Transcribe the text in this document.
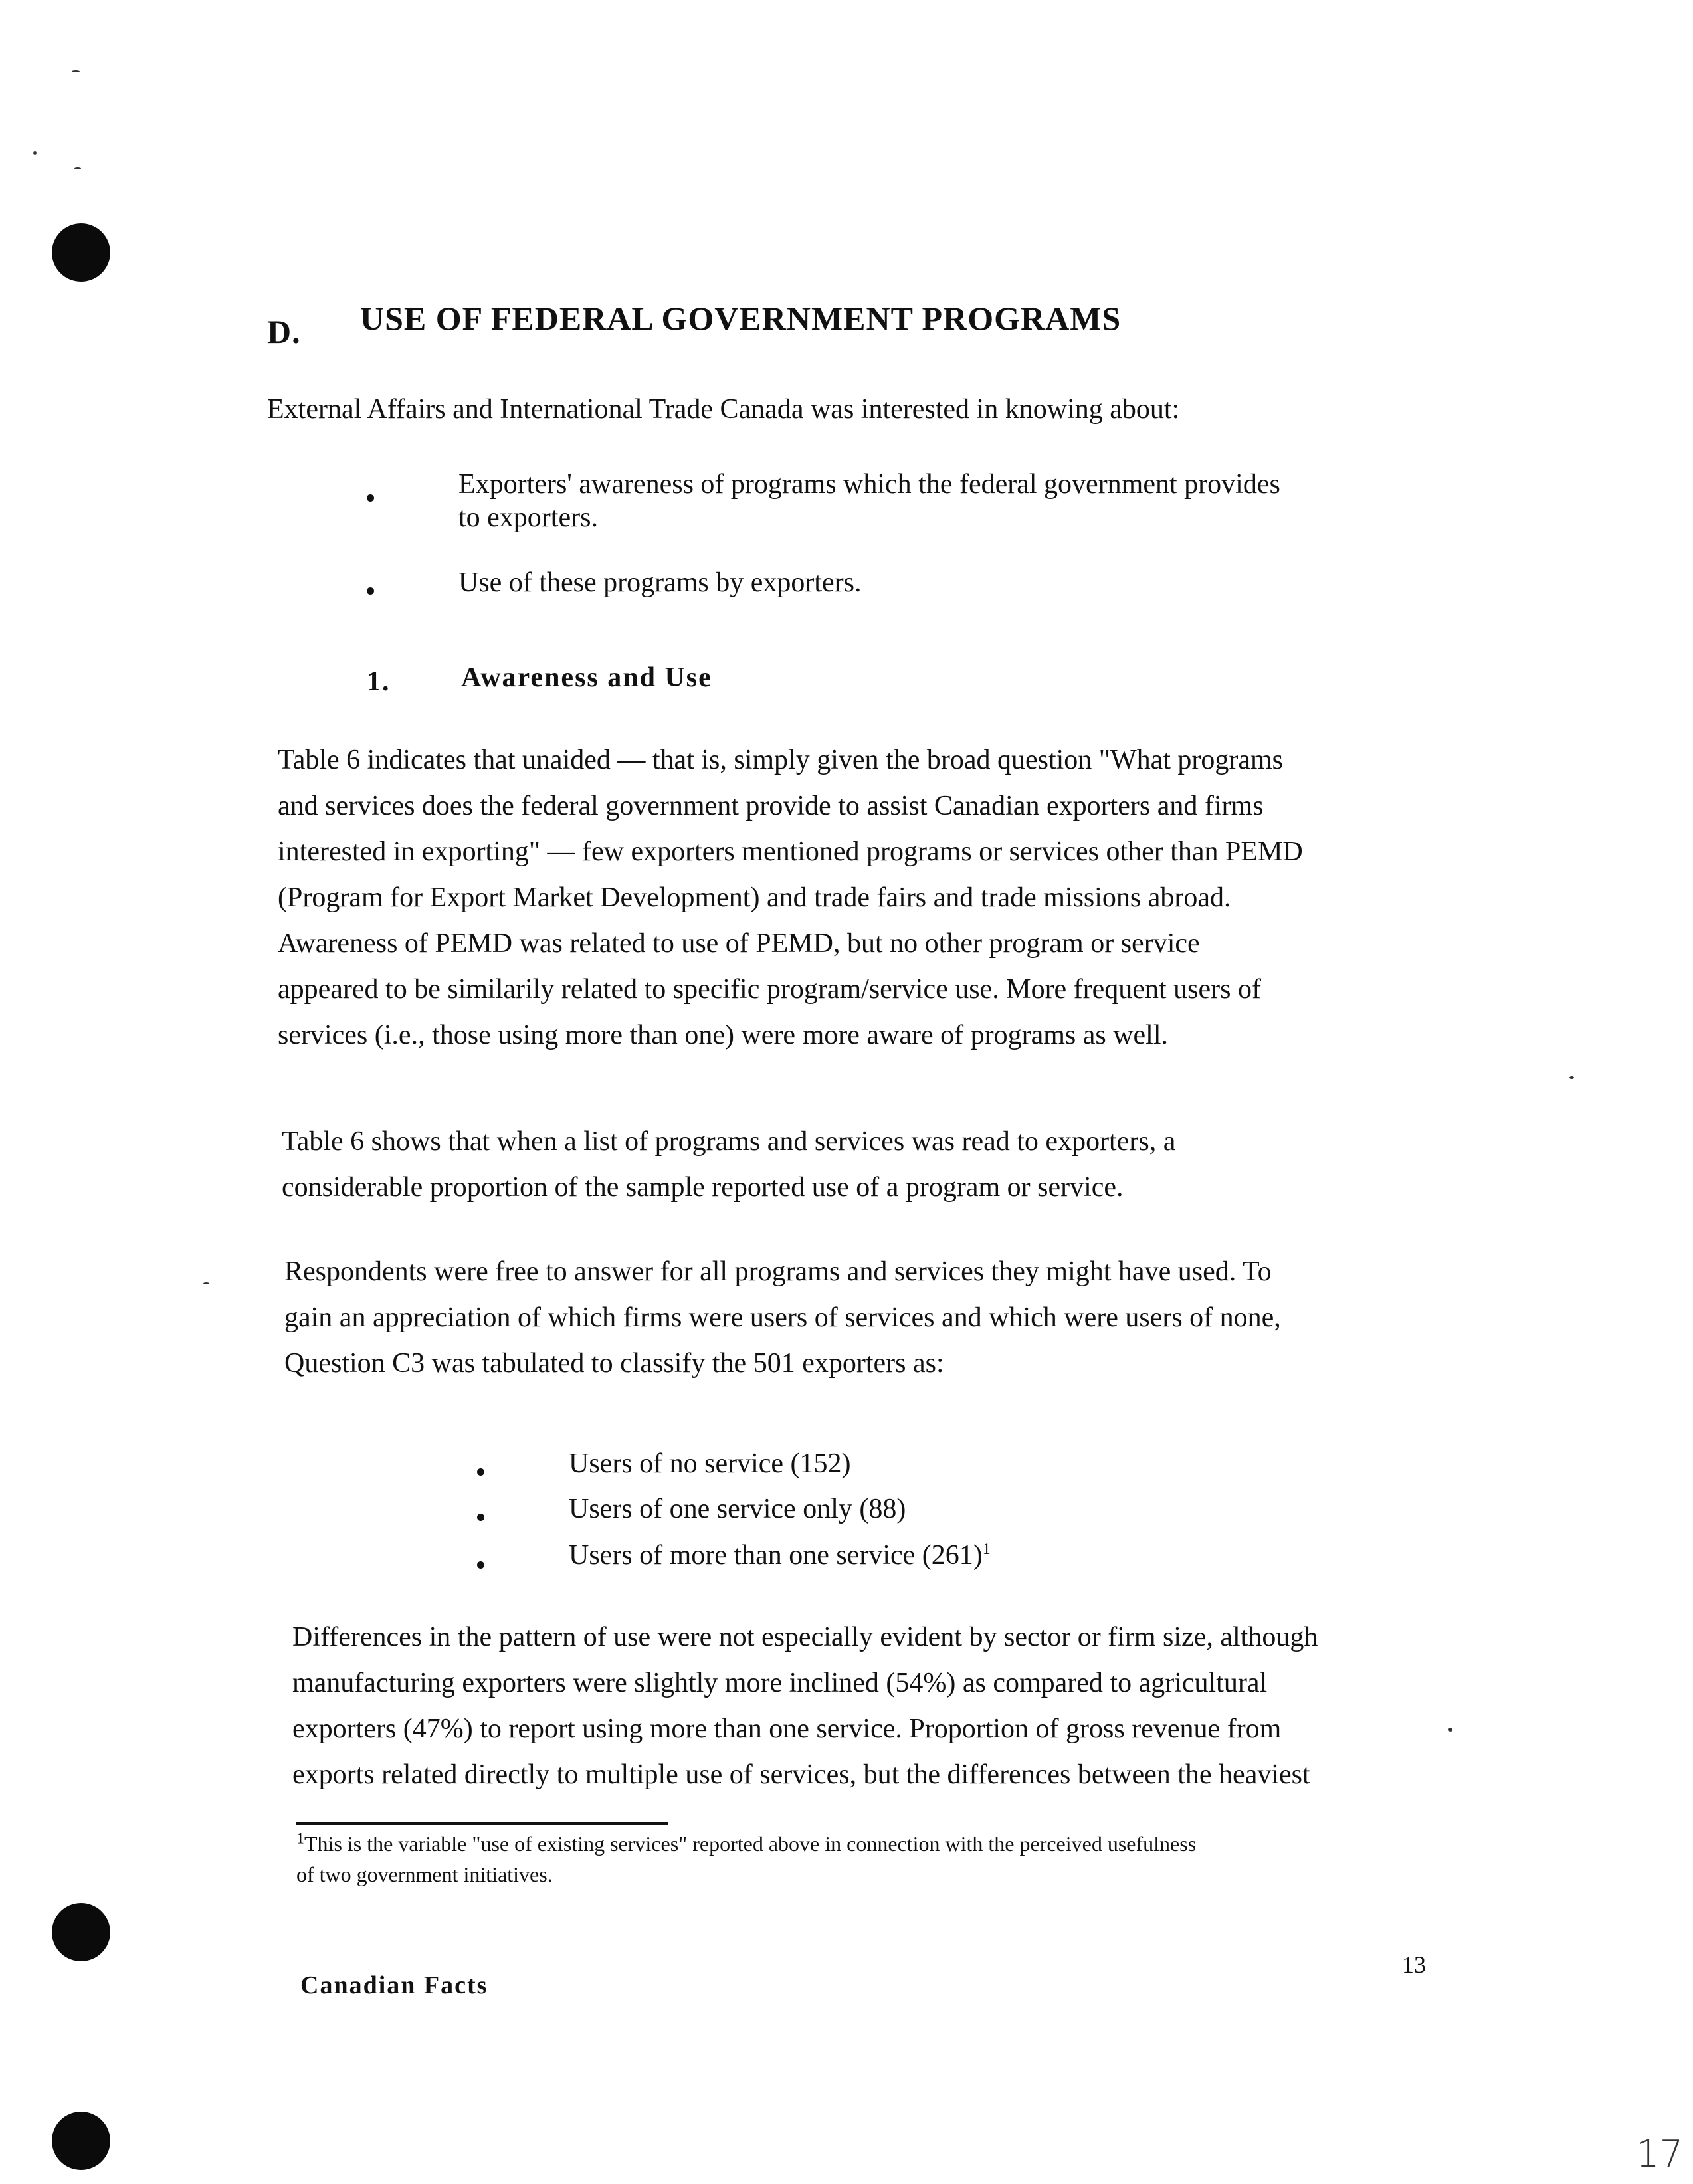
D. USE OF FEDERAL GOVERNMENT PROGRAMS
External Affairs and International Trade Canada was interested in knowing about:
Exporters' awareness of programs which the federal government provides
to exporters.
Use of these programs by exporters.
1.	Awareness and Use
Table 6 indicates that unaided — that is, simply given the broad question "What programs
and services does the federal government provide to assist Canadian exporters and firms
interested in exporting" — few exporters mentioned programs or services other than PEMD
(Program for Export Market Development) and trade fairs and trade missions abroad.
Awareness of PEMD was related to use of PEMD, but no other program or service
appeared to be similarily related to specific program/service use. More frequent users of
services (i.e., those using more than one) were more aware of programs as well.
Table 6 shows that when a list of programs and services was read to exporters, a
considerable proportion of the sample reported use of a program or service.
Respondents were free to answer for all programs and services they might have used. To
gain an appreciation of which firms were users of services and which were users of none,
Question C3 was tabulated to classify the 501 exporters as:
Users of no service (152)
Users of one service only (88)
Users of more than one service $(261)^1$
Differences in the pattern of use were not especially evident by sector or firm size, although
manufacturing exporters were slightly more inclined (54%) as compared to agricultural
exporters (47%) to report using more than one service. Proportion of gross revenue from
exports related directly to multiple use of services, but the differences between the heaviest
$^1$This is the variable "use of existing services" reported above in connection with the perceived usefulness
of two government initiatives.
Canadian Facts
13
17
